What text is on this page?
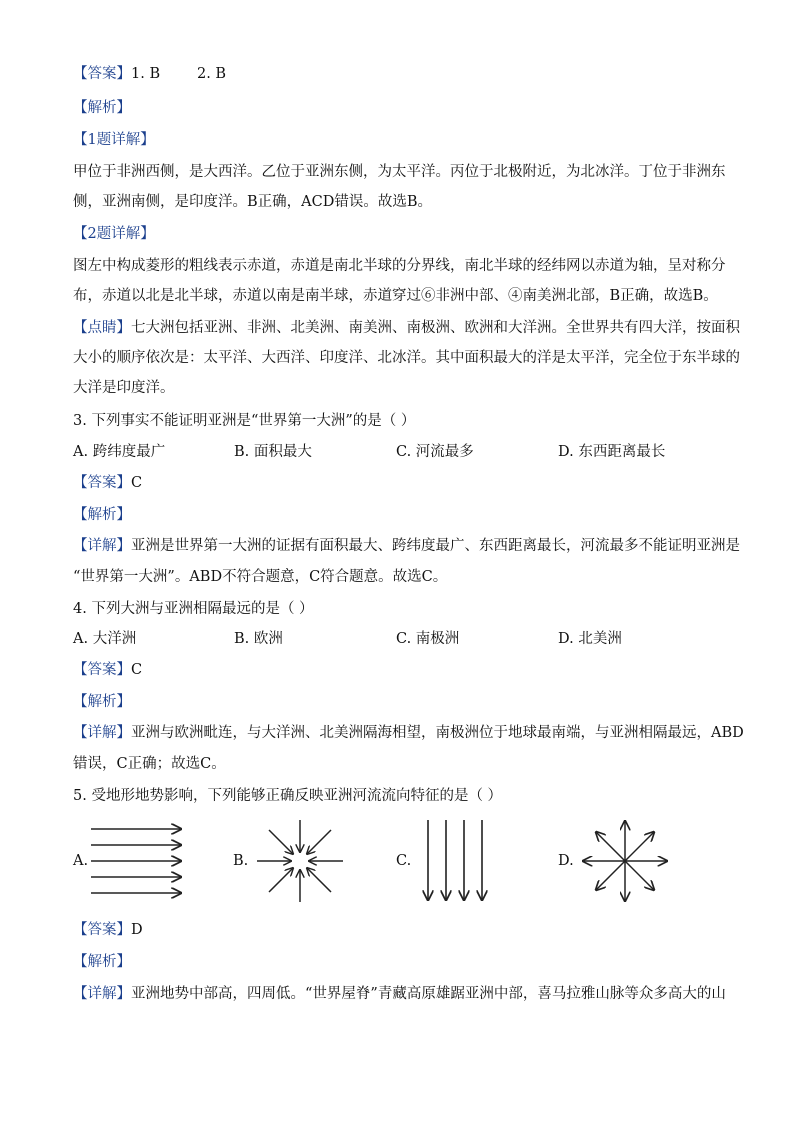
【答案】1. B        2. B
【解析】
【1题详解】
甲位于非洲西侧，是大西洋。乙位于亚洲东侧，为太平洋。丙位于北极附近，为北冰洋。丁位于非洲东
侧，亚洲南侧，是印度洋。B正确，ACD错误。故选B。
【2题详解】
图左中构成菱形的粗线表示赤道，赤道是南北半球的分界线，南北半球的经纬网以赤道为轴，呈对称分
布，赤道以北是北半球，赤道以南是南半球，赤道穿过⑥非洲中部、④南美洲北部，B正确，故选B。
【点睛】七大洲包括亚洲、非洲、北美洲、南美洲、南极洲、欧洲和大洋洲。全世界共有四大洋，按面积
大小的顺序依次是：太平洋、大西洋、印度洋、北冰洋。其中面积最大的洋是太平洋，完全位于东半球的
大洋是印度洋。
3. 下列事实不能证明亚洲是“世界第一大洲”的是（ ）
A. 跨纬度最广	B. 面积最大	C. 河流最多	D. 东西距离最长
【答案】C
【解析】
【详解】亚洲是世界第一大洲的证据有面积最大、跨纬度最广、东西距离最长，河流最多不能证明亚洲是
“世界第一大洲”。ABD不符合题意，C符合题意。故选C。
4. 下列大洲与亚洲相隔最远的是（ ）
A. 大洋洲	B. 欧洲	C. 南极洲	D. 北美洲
【答案】C
【解析】
【详解】亚洲与欧洲毗连，与大洋洲、北美洲隔海相望，南极洲位于地球最南端，与亚洲相隔最远，ABD
错误，C正确；故选C。
5. 受地形地势影响，下列能够正确反映亚洲河流流向特征的是（ ）
A.	B.	C.	D.
【答案】D
【解析】
【详解】亚洲地势中部高，四周低。“世界屋脊”青藏高原雄踞亚洲中部，喜马拉雅山脉等众多高大的山
